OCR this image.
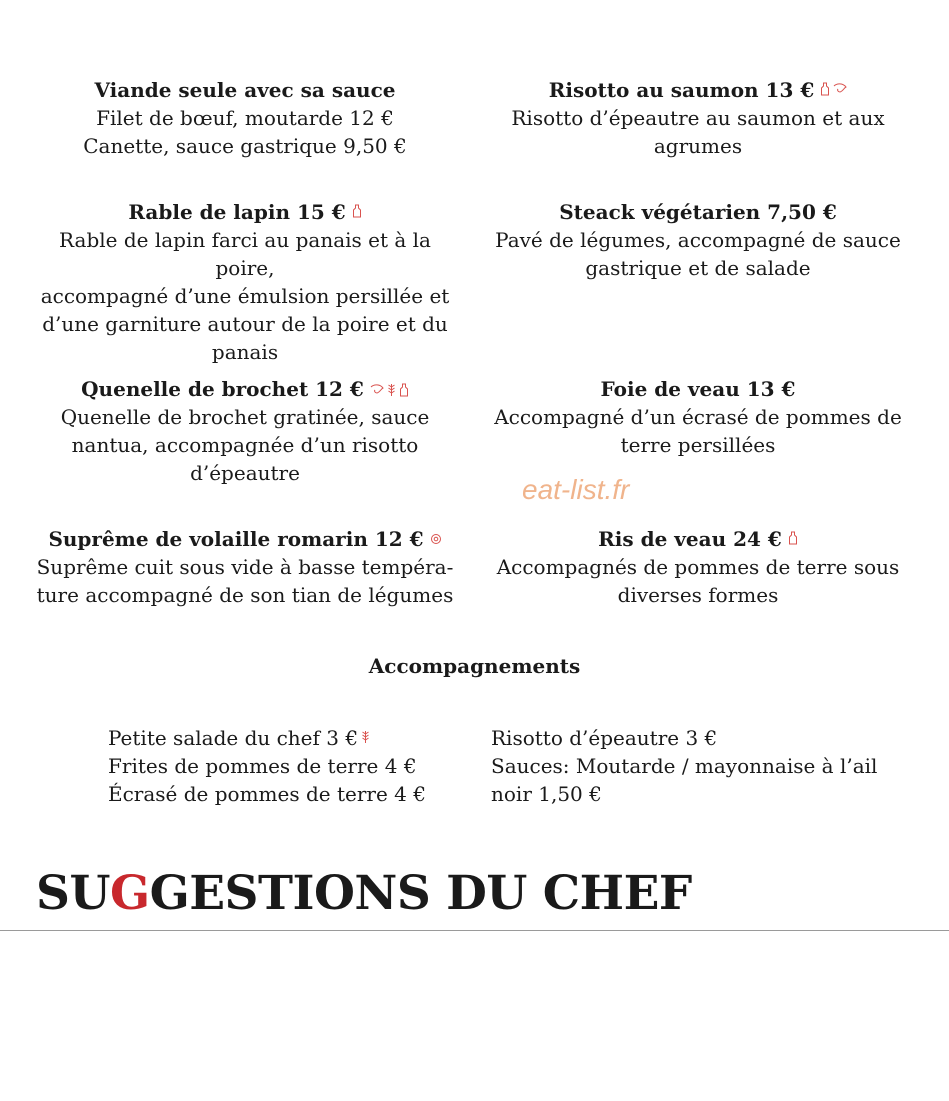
Viande seule avec sa sauce
Filet de bœuf, moutarde 12 €
Canette, sauce gastrique 9,50 €
Risotto au saumon 13 €
Risotto d’épeautre au saumon et aux
agrumes
Rable de lapin 15 €
Rable de lapin farci au panais et à la poire,
accompagné d’une émulsion persillée et
d’une garniture autour de la poire et du
panais
Steack végétarien 7,50 €
Pavé de légumes, accompagné de sauce
gastrique et de salade
Quenelle de brochet 12 €
Quenelle de brochet gratinée, sauce
nantua, accompagnée d’un risotto
d’épeautre
Foie de veau 13 €
Accompagné d’un écrasé de pommes de
terre persillées
Suprême de volaille romarin 12 €
Suprême cuit sous vide à basse tempéra-
ture accompagné de son tian de légumes
Ris de veau 24 €
Accompagnés de pommes de terre sous
diverses formes
eat-list.fr
Accompagnements
Petite salade du chef 3 €
Frites de pommes de terre 4 €
Écrasé de pommes de terre 4 €
Risotto d’épeautre 3 €
Sauces: Moutarde / mayonnaise à l’ail
noir 1,50 €
SUGGESTIONS DU CHEF
